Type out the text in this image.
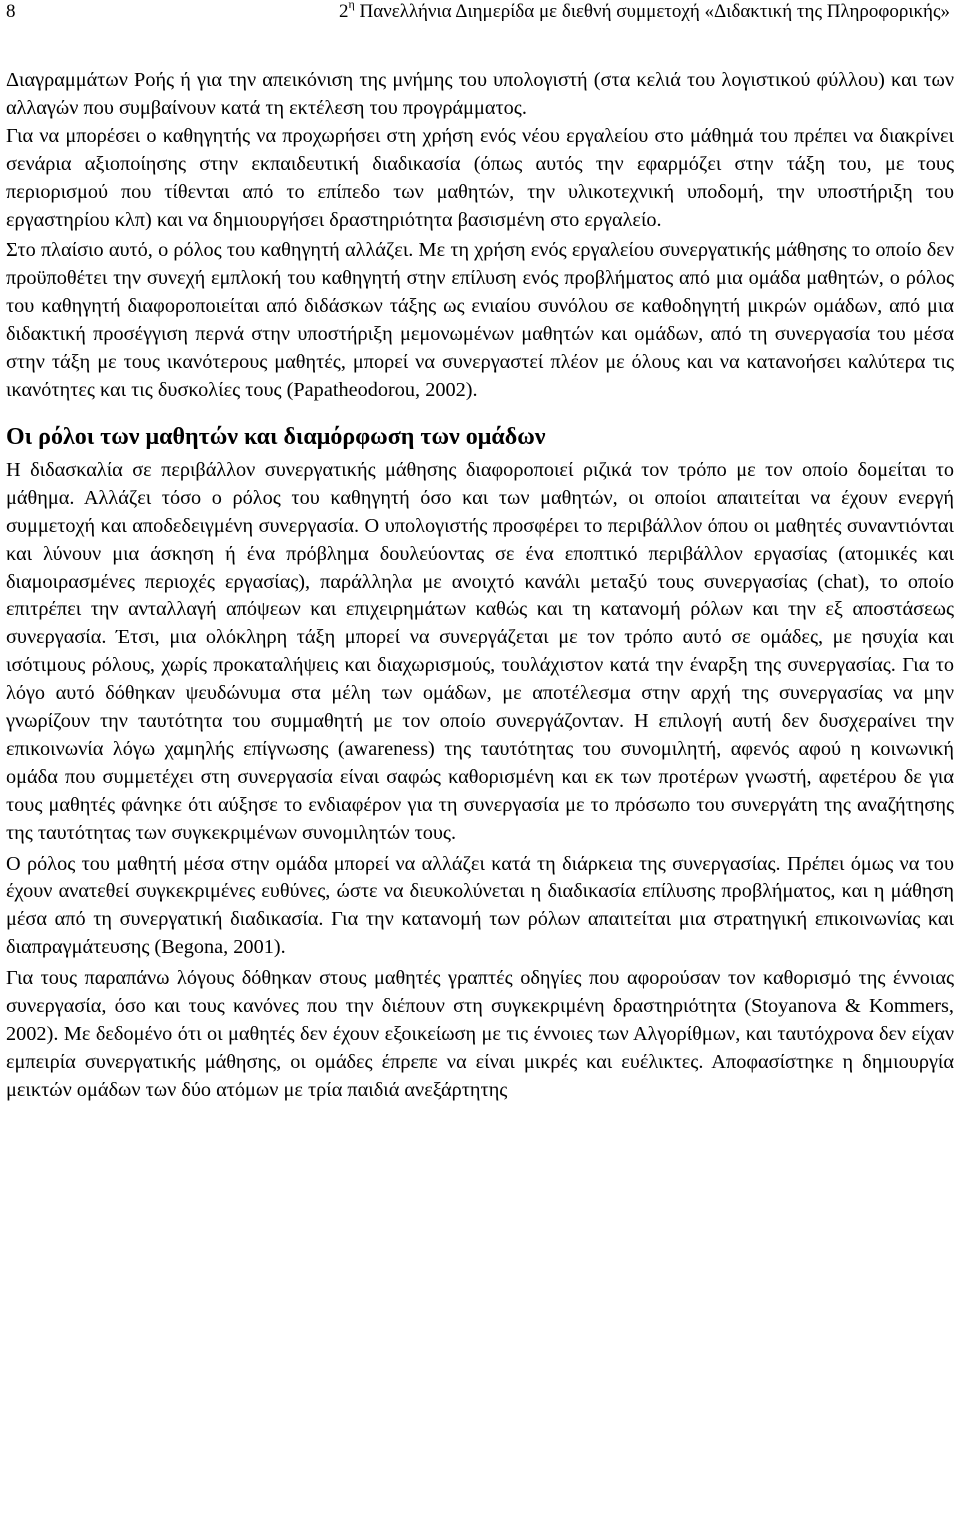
8	$2^\eta$ Πανελλήνια Διημερίδα με διεθνή συμμετοχή «Διδακτική της Πληροφορικής»

Διαγραμμάτων Ροής ή για την απεικόνιση της μνήμης του υπολογιστή (στα κελιά του λογιστικού φύλλου) και των αλλαγών που συμβαίνουν κατά τη εκτέλεση του προγράμματος.

Για να μπορέσει ο καθηγητής να προχωρήσει στη χρήση ενός νέου εργαλείου στο μάθημά του πρέπει να διακρίνει σενάρια αξιοποίησης στην εκπαιδευτική διαδικασία (όπως αυτός την εφαρμόζει στην τάξη του, με τους περιορισμού που τίθενται από το επίπεδο των μαθητών, την υλικοτεχνική υποδομή, την υποστήριξη του εργαστηρίου κλπ) και να δημιουργήσει δραστηριότητα βασισμένη στο εργαλείο.

Στο πλαίσιο αυτό, ο ρόλος του καθηγητή αλλάζει. Με τη χρήση ενός εργαλείου συνεργατικής μάθησης το οποίο δεν προϋποθέτει την συνεχή εμπλοκή του καθηγητή στην επίλυση ενός προβλήματος από μια ομάδα μαθητών, ο ρόλος του καθηγητή διαφοροποιείται από διδάσκων τάξης ως ενιαίου συνόλου σε καθοδηγητή μικρών ομάδων, από μια διδακτική προσέγγιση περνά στην υποστήριξη μεμονωμένων μαθητών και ομάδων, από τη συνεργασία του μέσα στην τάξη με τους ικανότερους μαθητές, μπορεί να συνεργαστεί πλέον με όλους και να κατανοήσει καλύτερα τις ικανότητες και τις δυσκολίες τους (Papatheodorou, 2002).

Οι ρόλοι των μαθητών και διαμόρφωση των ομάδων

Η διδασκαλία σε περιβάλλον συνεργατικής μάθησης διαφοροποιεί ριζικά τον τρόπο με τον οποίο δομείται το μάθημα. Αλλάζει τόσο ο ρόλος του καθηγητή όσο και των μαθητών, οι οποίοι απαιτείται να έχουν ενεργή συμμετοχή και αποδεδειγμένη συνεργασία. Ο υπολογιστής προσφέρει το περιβάλλον όπου οι μαθητές συναντιόνται και λύνουν μια άσκηση ή ένα πρόβλημα δουλεύοντας σε ένα εποπτικό περιβάλλον εργασίας (ατομικές και διαμοιρασμένες περιοχές εργασίας), παράλληλα με ανοιχτό κανάλι μεταξύ τους συνεργασίας (chat), το οποίο επιτρέπει την ανταλλαγή απόψεων και επιχειρημάτων καθώς και τη κατανομή ρόλων και την εξ αποστάσεως συνεργασία. Έτσι, μια ολόκληρη τάξη μπορεί να συνεργάζεται με τον τρόπο αυτό σε ομάδες, με ησυχία και ισότιμους ρόλους, χωρίς προκαταλήψεις και διαχωρισμούς, τουλάχιστον κατά την έναρξη της συνεργασίας. Για το λόγο αυτό δόθηκαν ψευδώνυμα στα μέλη των ομάδων, με αποτέλεσμα στην αρχή της συνεργασίας να μην γνωρίζουν την ταυτότητα του συμμαθητή με τον οποίο συνεργάζονταν. Η επιλογή αυτή δεν δυσχεραίνει την επικοινωνία λόγω χαμηλής επίγνωσης (awareness) της ταυτότητας του συνομιλητή, αφενός αφού η κοινωνική ομάδα που συμμετέχει στη συνεργασία είναι σαφώς καθορισμένη και εκ των προτέρων γνωστή, αφετέρου δε για τους μαθητές φάνηκε ότι αύξησε το ενδιαφέρον για τη συνεργασία με το πρόσωπο του συνεργάτη της αναζήτησης της ταυτότητας των συγκεκριμένων συνομιλητών τους.

Ο ρόλος του μαθητή μέσα στην ομάδα μπορεί να αλλάζει κατά τη διάρκεια της συνεργασίας. Πρέπει όμως να του έχουν ανατεθεί συγκεκριμένες ευθύνες, ώστε να διευκολύνεται η διαδικασία επίλυσης προβλήματος, και η μάθηση μέσα από τη συνεργατική διαδικασία. Για την κατανομή των ρόλων απαιτείται μια στρατηγική επικοινωνίας και διαπραγμάτευσης (Begona, 2001).

Για τους παραπάνω λόγους δόθηκαν στους μαθητές γραπτές οδηγίες που αφορούσαν τον καθορισμό της έννοιας συνεργασία, όσο και τους κανόνες που την διέπουν στη συγκεκριμένη δραστηριότητα (Stoyanova & Kommers, 2002). Με δεδομένο ότι οι μαθητές δεν έχουν εξοικείωση με τις έννοιες των Αλγορίθμων, και ταυτόχρονα δεν είχαν εμπειρία συνεργατικής μάθησης, οι ομάδες έπρεπε να είναι μικρές και ευέλικτες. Αποφασίστηκε η δημιουργία μεικτών ομάδων των δύο ατόμων με τρία παιδιά ανεξάρτητης
